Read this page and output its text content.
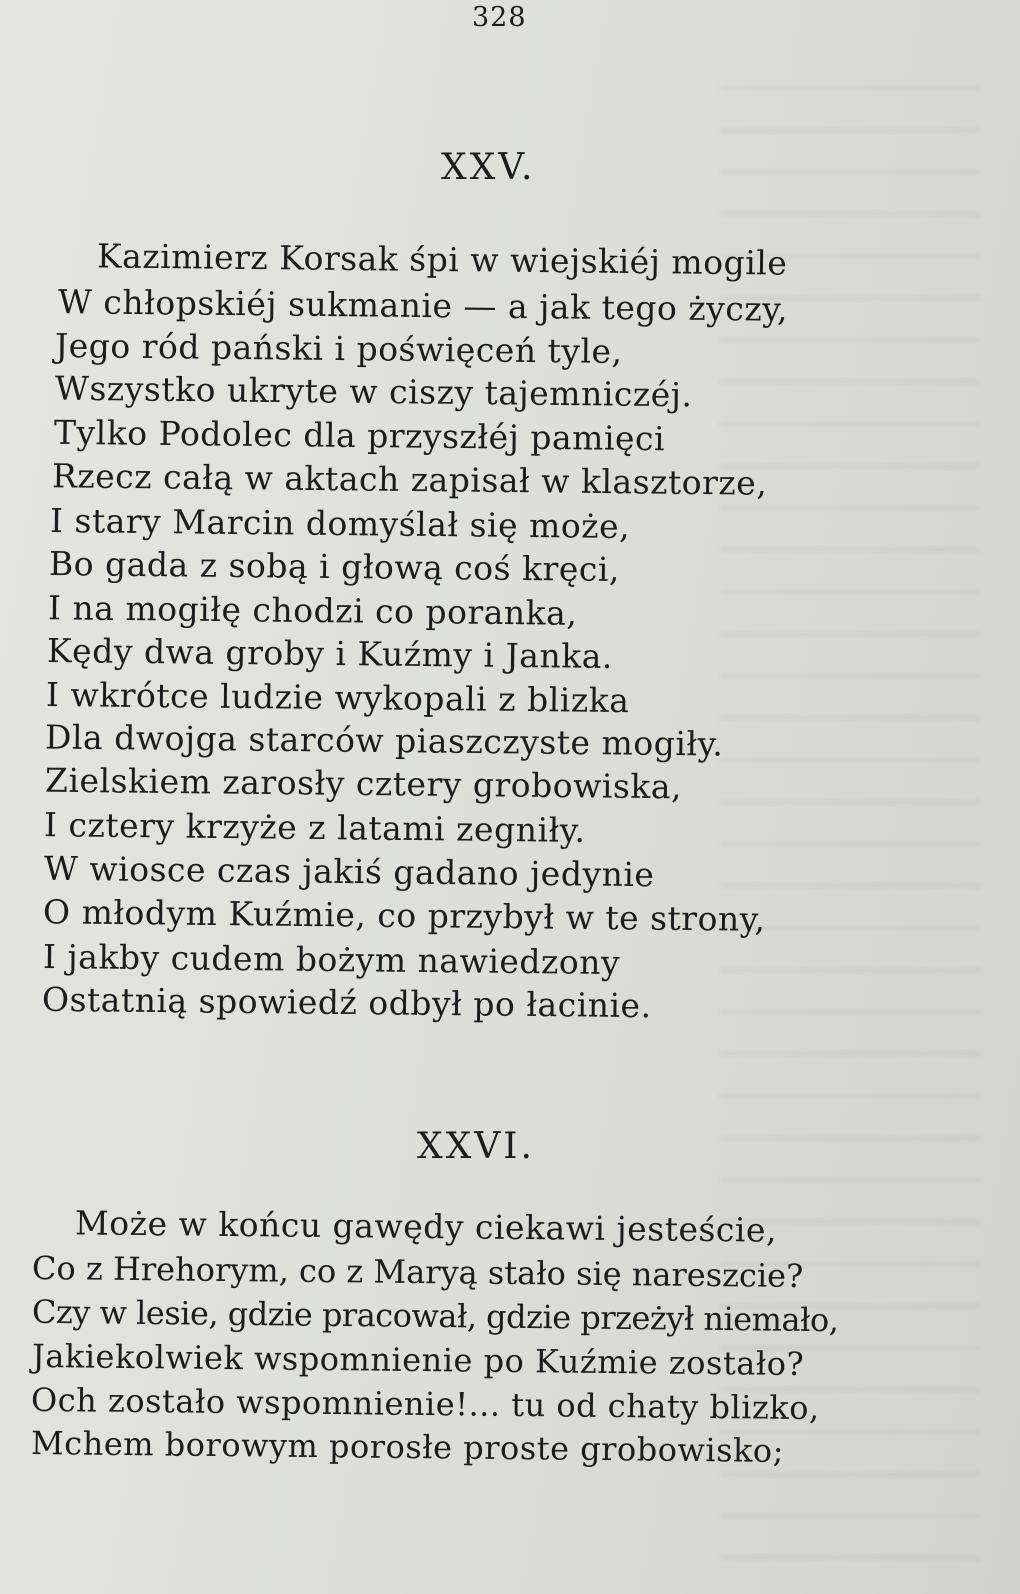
328
XXV.
Kazimierz Korsak śpi w wiejskiéj mogile
W chłopskiéj sukmanie — a jak tego życzy,
Jego ród pański i poświęceń tyle,
Wszystko ukryte w ciszy tajemniczéj.
Tylko Podolec dla przyszłéj pamięci
Rzecz całą w aktach zapisał w klasztorze,
I stary Marcin domyślał się może,
Bo gada z sobą i głową coś kręci,
I na mogiłę chodzi co poranka,
Kędy dwa groby i Kuźmy i Janka.
I wkrótce ludzie wykopali z blizka
Dla dwojga starców piaszczyste mogiły.
Zielskiem zarosły cztery grobowiska,
I cztery krzyże z latami zegniły.
W wiosce czas jakiś gadano jedynie
O młodym Kuźmie, co przybył w te strony,
I jakby cudem bożym nawiedzony
Ostatnią spowiedź odbył po łacinie.
XXVI.
Może w końcu gawędy ciekawi jesteście,
Co z Hrehorym, co z Maryą stało się nareszcie?
Czy w lesie, gdzie pracował, gdzie przeżył niemało,
Jakiekolwiek wspomnienie po Kuźmie zostało?
Och zostało wspomnienie!... tu od chaty blizko,
Mchem borowym porosłe proste grobowisko;
